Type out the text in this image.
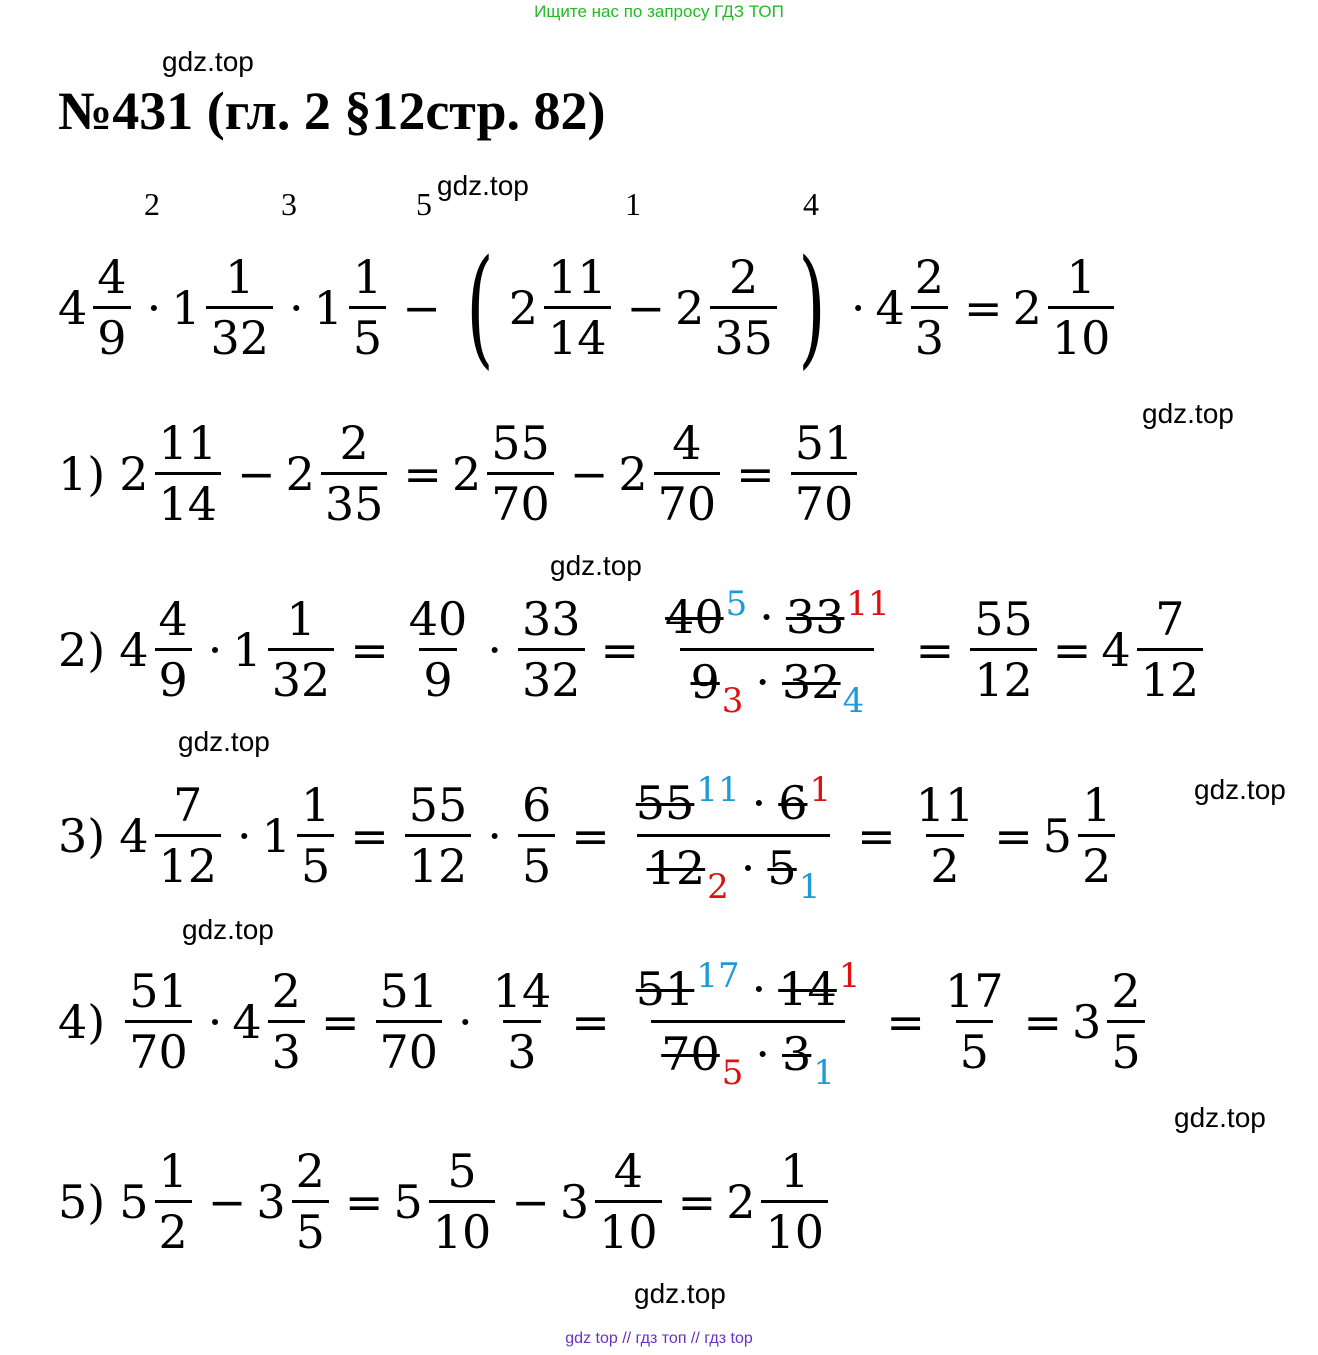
Ищите нас по запросу ГДЗ ТОП
gdz.top
gdz.top
gdz.top
gdz.top
gdz.top
gdz.top
gdz.top
gdz.top
gdz.top
№431 (гл. 2 §12стр. 82)
2	3	5	1	4
$4 \frac{4}{9} \cdot 1 \frac{1}{32} \cdot 1 \frac{1}{5}$ − ( $2 \frac{11}{14} - 2 \frac{2}{35}$ ) · $4 \frac{2}{3} = 2 \frac{1}{10}$
1) $2 \frac{11}{14} - 2 \frac{2}{35} = 2 \frac{55}{70} - 2 \frac{4}{70} = \frac{51}{70}$
2) $4 \frac{4}{9} \cdot 1 \frac{1}{32} = \frac{40}{9} \cdot \frac{33}{32} = \frac{40 5 \cdot 33 11}{9 3 \cdot 32 4} = \frac{55}{12} = 4 \frac{7}{12}$
3) $4 \frac{7}{12} \cdot 1 \frac{1}{5} = \frac{55}{12} \cdot \frac{6}{5} = \frac{55 11 \cdot 6 1}{12 2 \cdot 5 1} = \frac{11}{2} = 5 \frac{1}{2}$
$4) \frac{51}{70} \cdot 4 \frac{2}{3} = \frac{51}{70} \cdot \frac{14}{3} = \frac{51 17 \cdot 14 1}{70 5 \cdot 3 1} = \frac{17}{5} = 3 \frac{2}{5}$
5) $5 \frac{1}{2} - 3 \frac{2}{5} = 5 \frac{5}{10} - 3 \frac{4}{10} = 2 \frac{1}{10}$
gdz top // гдз топ // гдз top
